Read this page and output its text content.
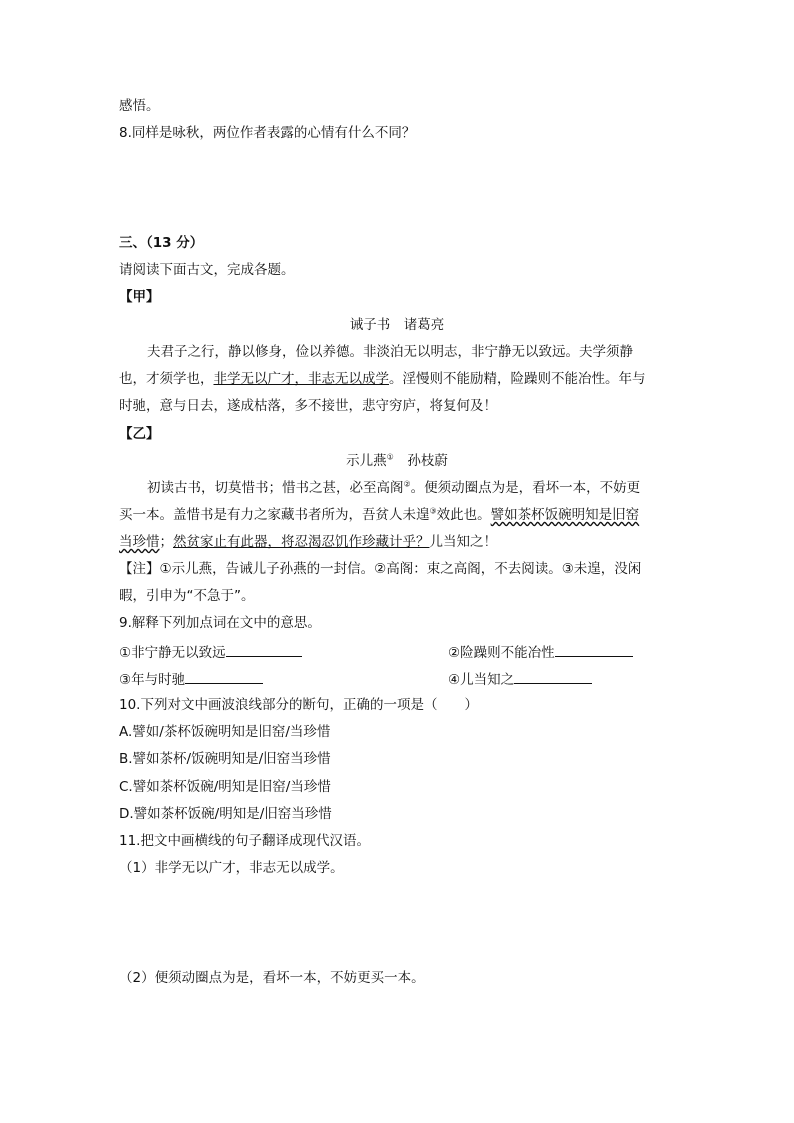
感悟。
8.同样是咏秋，两位作者表露的心情有什么不同？
三、（13 分）
请阅读下面古文，完成各题。
【甲】
诫子书　诸葛亮
夫君子之行，静以修身，俭以养德。非淡泊无以明志，非宁静无以致远。夫学须静
也，才须学也，非学无以广才，非志无以成学。淫慢则不能励精，险躁则不能冶性。年与
时驰，意与日去，遂成枯落，多不接世，悲守穷庐，将复何及！
【乙】
示儿燕①　 孙枝蔚
初读古书，切莫惜书；惜书之甚，必至高阁②。便须动圈点为是，看坏一本，不妨更
买一本。盖惜书是有力之家藏书者所为，吾贫人未遑③效此也。譬如茶杯饭碗明知是旧窑
当珍惜；然贫家止有此器，将忍渴忍饥作珍藏计乎？儿当知之！
【注】①示儿燕，告诫儿子孙燕的一封信。②高阁：束之高阁，不去阅读。③未遑，没闲
暇，引申为“不急于”。
9.解释下列加点词在文中的意思。
①非宁静无以致远	②险躁则不能冶性
③年与时驰	④儿当知之
10.下列对文中画波浪线部分的断句，正确的一项是（　　）
A.譬如/茶杯饭碗明知是旧窑/当珍惜
B.譬如茶杯/饭碗明知是/旧窑当珍惜
C.譬如茶杯饭碗/明知是旧窑/当珍惜
D.譬如茶杯饭碗/明知是/旧窑当珍惜
11.把文中画横线的句子翻译成现代汉语。
（1）非学无以广才，非志无以成学。
（2）便须动圈点为是，看坏一本，不妨更买一本。
